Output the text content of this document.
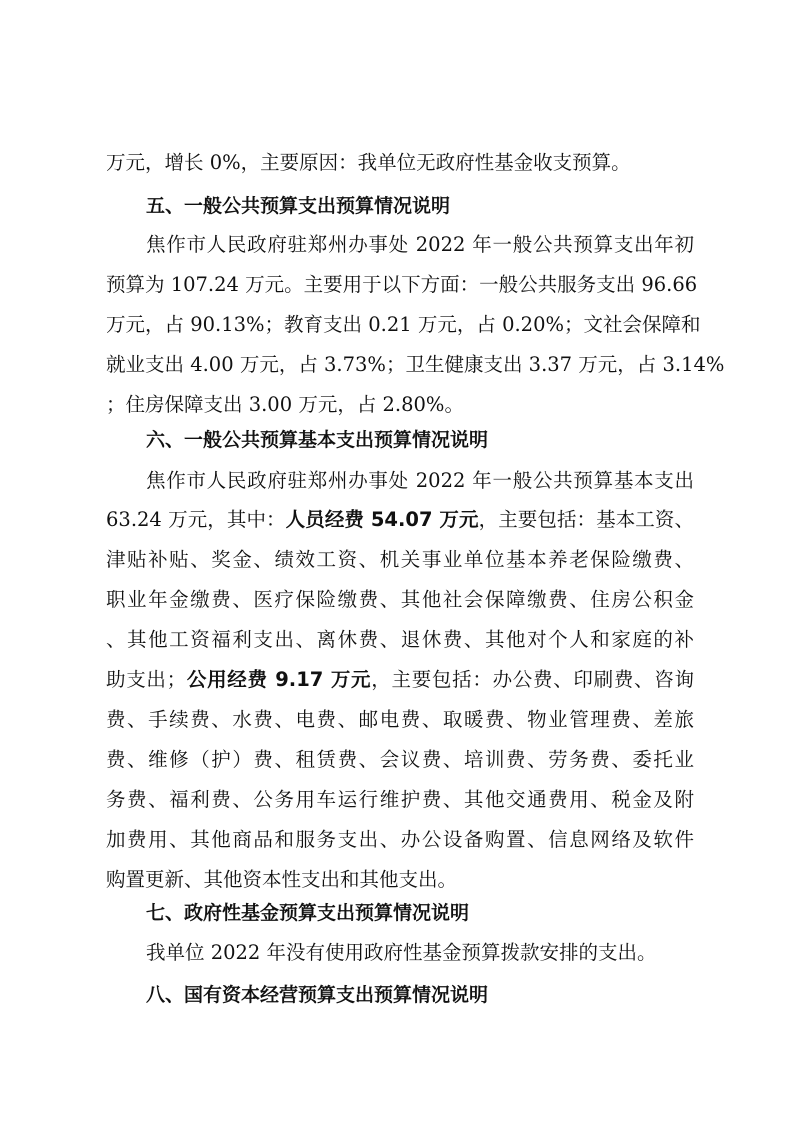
万元，增长 0%，主要原因：我单位无政府性基金收支预算。
五、一般公共预算支出预算情况说明
焦作市人民政府驻郑州办事处 2022 年一般公共预算支出年初
预算为 107.24 万元。主要用于以下方面：一般公共服务支出 96.66
万元，占 90.13%；教育支出 0.21 万元，占 0.20%；文社会保障和
就业支出 4.00 万元，占 3.73%；卫生健康支出 3.37 万元，占 3.14%
；住房保障支出 3.00 万元，占 2.80%。
六、一般公共预算基本支出预算情况说明
焦作市人民政府驻郑州办事处 2022 年一般公共预算基本支出
63.24 万元，其中：人员经费 54.07 万元，主要包括：基本工资、
津贴补贴、奖金、绩效工资、机关事业单位基本养老保险缴费、
职业年金缴费、医疗保险缴费、其他社会保障缴费、住房公积金
、其他工资福利支出、离休费、退休费、其他对个人和家庭的补
助支出；公用经费 9.17 万元，主要包括：办公费、印刷费、咨询
费、手续费、水费、电费、邮电费、取暖费、物业管理费、差旅
费、维修（护）费、租赁费、会议费、培训费、劳务费、委托业
务费、福利费、公务用车运行维护费、其他交通费用、税金及附
加费用、其他商品和服务支出、办公设备购置、信息网络及软件
购置更新、其他资本性支出和其他支出。
七、政府性基金预算支出预算情况说明
我单位 2022 年没有使用政府性基金预算拨款安排的支出。
八、国有资本经营预算支出预算情况说明
